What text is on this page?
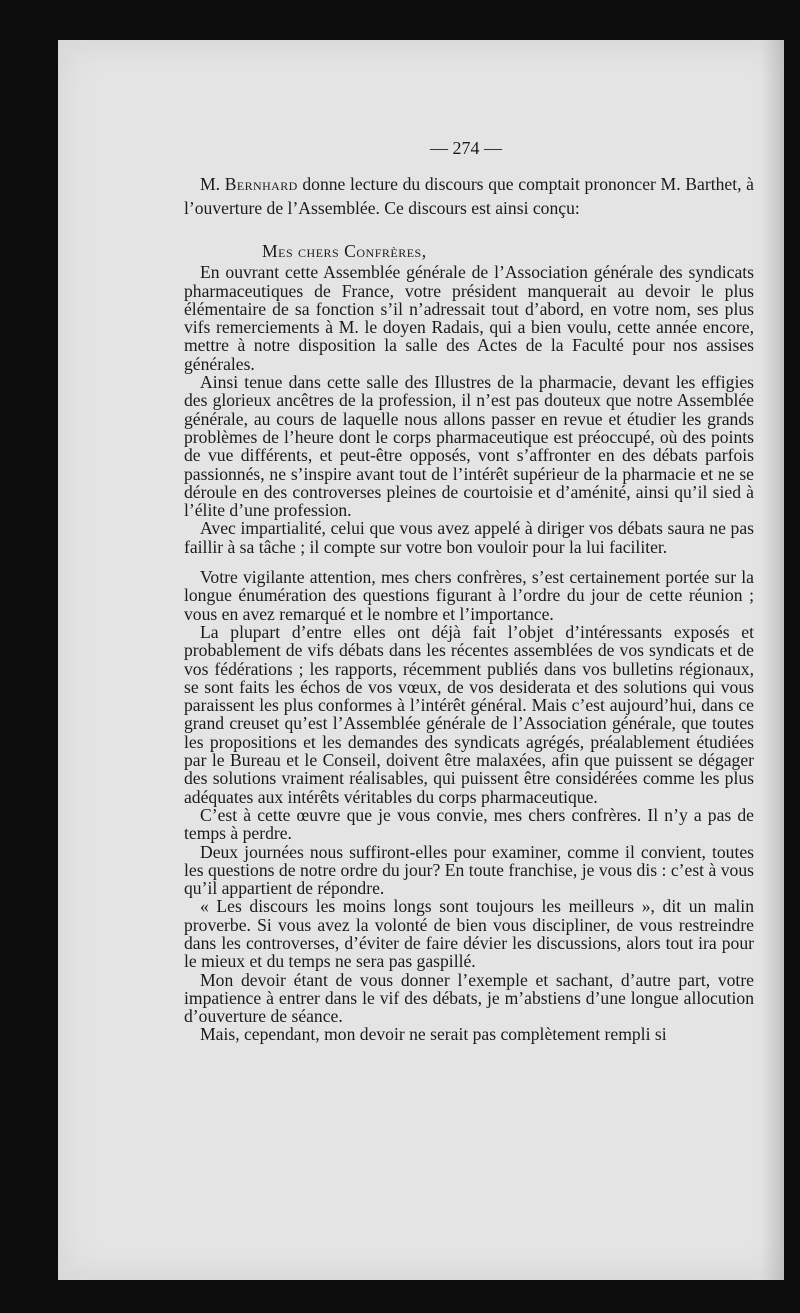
— 274 —

M. Bernhard donne lecture du discours que comptait prononcer M. Barthet, à l’ouverture de l’Assemblée. Ce discours est ainsi conçu:

Mes chers Confrères,

En ouvrant cette Assemblée générale de l’Association générale des syndicats pharmaceutiques de France, votre président manquerait au devoir le plus élémentaire de sa fonction s’il n’adressait tout d’abord, en votre nom, ses plus vifs remerciements à M. le doyen Radais, qui a bien voulu, cette année encore, mettre à notre disposition la salle des Actes de la Faculté pour nos assises générales.

Ainsi tenue dans cette salle des Illustres de la pharmacie, devant les effigies des glorieux ancêtres de la profession, il n’est pas douteux que notre Assemblée générale, au cours de laquelle nous allons passer en revue et étudier les grands problèmes de l’heure dont le corps pharmaceutique est préoccupé, où des points de vue différents, et peut-être opposés, vont s’affronter en des débats parfois passionnés, ne s’inspire avant tout de l’intérêt supérieur de la pharmacie et ne se déroule en des controverses pleines de courtoisie et d’aménité, ainsi qu’il sied à l’élite d’une profession.

Avec impartialité, celui que vous avez appelé à diriger vos débats saura ne pas faillir à sa tâche ; il compte sur votre bon vouloir pour la lui faciliter.

Votre vigilante attention, mes chers confrères, s’est certainement portée sur la longue énumération des questions figurant à l’ordre du jour de cette réunion ; vous en avez remarqué et le nombre et l’importance.

La plupart d’entre elles ont déjà fait l’objet d’intéressants exposés et probablement de vifs débats dans les récentes assemblées de vos syndicats et de vos fédérations ; les rapports, récemment publiés dans vos bulletins régionaux, se sont faits les échos de vos vœux, de vos desiderata et des solutions qui vous paraissent les plus conformes à l’intérêt général. Mais c’est aujourd’hui, dans ce grand creuset qu’est l’Assemblée générale de l’Association générale, que toutes les propositions et les demandes des syndicats agrégés, préalablement étudiées par le Bureau et le Conseil, doivent être malaxées, afin que puissent se dégager des solutions vraiment réalisables, qui puissent être considérées comme les plus adéquates aux intérêts véritables du corps pharmaceutique.

C’est à cette œuvre que je vous convie, mes chers confrères. Il n’y a pas de temps à perdre.

Deux journées nous suffiront-elles pour examiner, comme il convient, toutes les questions de notre ordre du jour? En toute franchise, je vous dis : c’est à vous qu’il appartient de répondre.

« Les discours les moins longs sont toujours les meilleurs », dit un malin proverbe. Si vous avez la volonté de bien vous discipliner, de vous restreindre dans les controverses, d’éviter de faire dévier les discussions, alors tout ira pour le mieux et du temps ne sera pas gaspillé.

Mon devoir étant de vous donner l’exemple et sachant, d’autre part, votre impatience à entrer dans le vif des débats, je m’abstiens d’une longue allocution d’ouverture de séance.

Mais, cependant, mon devoir ne serait pas complètement rempli si
